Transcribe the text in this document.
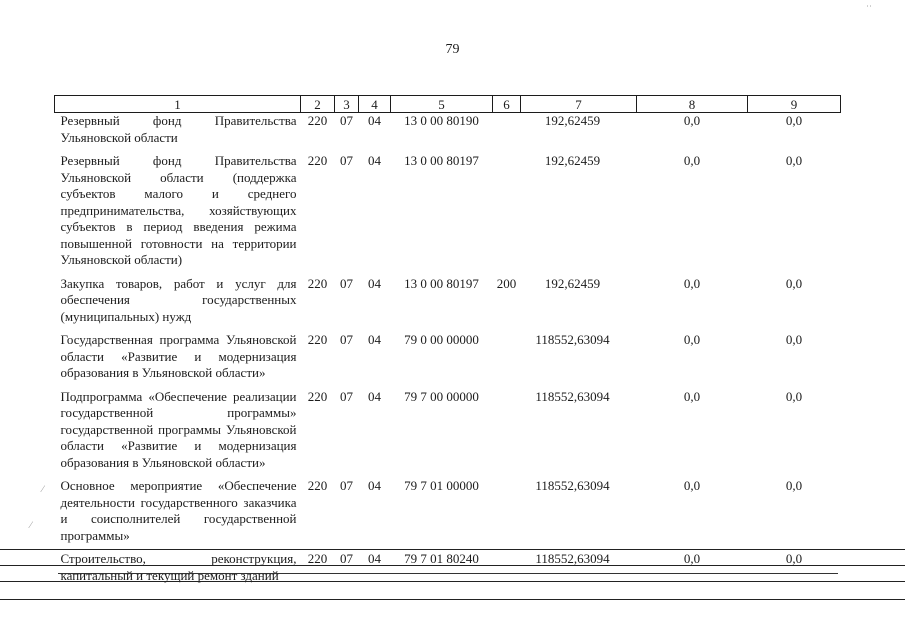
79
1	2	3	4	5	6	7	8	9
Резервный фонд Правительства Ульяновской области	220	07	04	13 0 00 80190		192,62459	0,0	0,0
Резервный фонд Правительства Ульяновской области (поддержка субъектов малого и среднего предпринимательства, хозяйствующих субъектов в период введения режима повышенной готовности на территории Ульяновской области)	220	07	04	13 0 00 80197		192,62459	0,0	0,0
Закупка товаров, работ и услуг для обеспечения государственных (муниципальных) нужд	220	07	04	13 0 00 80197	200	192,62459	0,0	0,0
Государственная программа Ульяновской области «Развитие и модернизация образования в Ульяновской области»	220	07	04	79 0 00 00000		118552,63094	0,0	0,0
Подпрограмма «Обеспечение реализации государственной программы» государственной программы Ульяновской области «Развитие и модернизация образования в Ульяновской области»	220	07	04	79 7 00 00000		118552,63094	0,0	0,0
Основное мероприятие «Обеспечение деятельности государственного заказчика и соисполнителей государственной программы»	220	07	04	79 7 01 00000		118552,63094	0,0	0,0
Строительство, реконструкция, капитальный и текущий ремонт зданий	220	07	04	79 7 01 80240		118552,63094	0,0	0,0
˙˙
⁄
⁄
